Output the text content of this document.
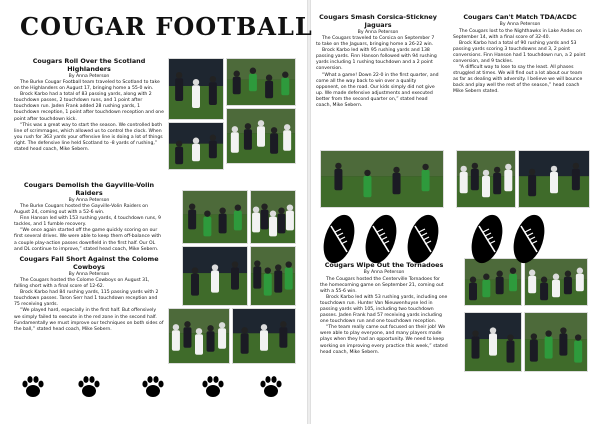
COUGAR FOOTBALL
Cougars Roll Over the Scotland Highlanders
By Anna Peterson

The Burke Cougar Football team traveled to Scotland to take on the Highlanders on August 17, bringing home a 55-0 win.

Brock Karbo had a total of 83 passing yards, along with 2 touchdown passes, 2 touchdown runs, and 1 point after touchdown run. Jaden Frank added 28 rushing yards, 1 touchdown reception, 1 point after touchdown reception and one point after touchdown kick.

“This was a great way to start the season. We controlled both line of scrimmages, which allowed us to control the clock. When you rush for 363 yards your offensive line is doing a lot of things right. The defensive line held Scotland to -8 yards of rushing,” stated head coach, Mike Sebern.

Cougars Demolish the Gayville-Volin Raiders
By Anna Peterson

The Burke Cougars hosted the Gayville-Volin Raiders on August 24, coming out with a 52-6 win.

Finn Hanson led with 153 rushing yards, 4 touchdown runs, 9 tackles, and 1 fumble recovery.

“We once again started off the game quickly scoring on our first several drives. We were able to keep them off-balance with a couple play-action passes downfield in the first half. Our OL and DL continue to improve,” stated head coach, Mike Sebern.

Cougars Fall Short Against the Colome Cowboys
By Anna Peterson

The Cougars hosted the Colome Cowboys on August 31, falling short with a final score of 12-62.

Brock Karbo had 84 rushing yards, 115 passing yards with 2 touchdown passes. Taron Serr had 1 touchdown reception and 75 receiving yards.

“We played hard, especially in the first half. But offensively we simply failed to execute in the red zone in the second half. Fundamentally we must improve our techniques on both sides of the ball,” stated head coach, Mike Sebern.

Cougars Smash Corsica-Stickney Jaguars
By Anna Peterson

The Cougars traveled to Corsica on September 7 to take on the Jaguars, bringing home a 26-22 win.

Brock Karbo led with 95 rushing yards and 138 passing yards. Finn Hanson followed with 94 rushing yards including 1 rushing touchdown and a 2 point conversion.

“What a game! Down 22-0 in the first quarter, and come all the way back to win over a quality opponent, on the road. Our kids simply did not give up. We made defensive adjustments and executed better from the second quarter on,” stated head coach, Mike Sebern.

Cougars Can't Match TDA/ACDC
By Anna Peterson

The Cougars lost to the Nighthawks in Lake Andes on September 14, with a final score of 32-40.

Brock Karbo had a total of 90 rushing yards and 53 passing yards scoring 3 touchdowns and 3, 2 point conversions. Finn Hanson had 1 touchdown run, a 2 point conversion, and 9 tackles.

“A difficult way to lose to say the least. All phases struggled at times. We will find out a lot about our team as far as dealing with adversity. I believe we will bounce back and play well the rest of the season,” head coach Mike Sebern stated.

Cougars Wipe Out the Tornadoes
By Anna Peterson

The Cougars hosted the Centerville Tornadoes for the homecoming game on September 21, coming out with a 55-6 win.

Brock Karbo led with 53 rushing yards, including one touchdown run. Hunter Van Nieuwenhuyse led in passing yards with 105, including two touchdown passes. Jaden Frank had 57 receiving yards including one touchdown run and one touchdown reception.

“The team really came out focused on their job! We were able to play everyone, and many players made plays when they had an opportunity. We need to keep working on improving every practice this week,” stated head coach, Mike Sebern.
